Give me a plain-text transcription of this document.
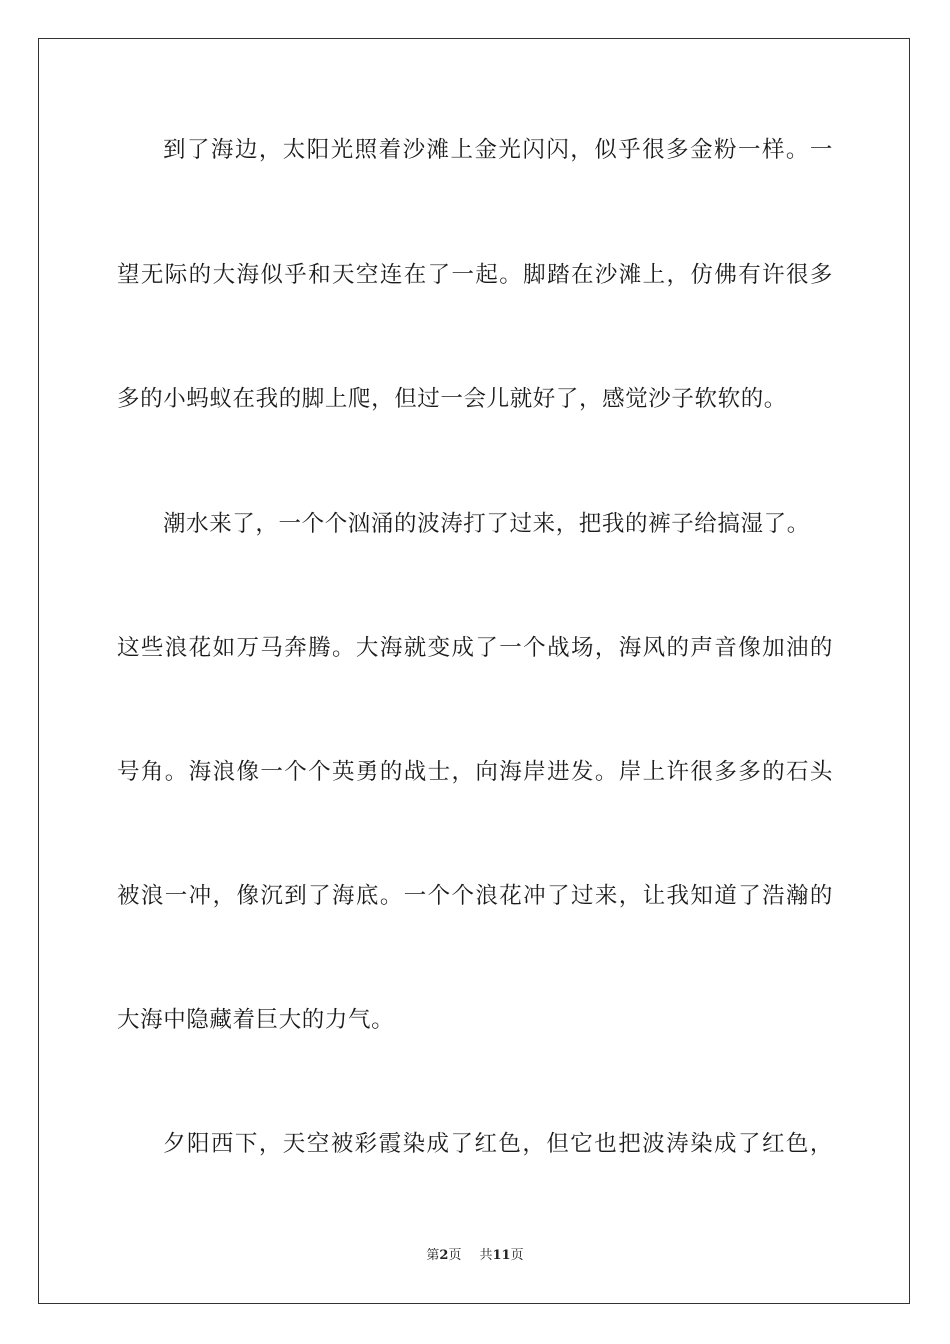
到了海边，太阳光照着沙滩上金光闪闪，似乎很多金粉一样。一
望无际的大海似乎和天空连在了一起。脚踏在沙滩上，仿佛有许很多
多的小蚂蚁在我的脚上爬，但过一会儿就好了，感觉沙子软软的。
潮水来了，一个个汹涌的波涛打了过来，把我的裤子给搞湿了。
这些浪花如万马奔腾。大海就变成了一个战场，海风的声音像加油的
号角。海浪像一个个英勇的战士，向海岸进发。岸上许很多多的石头
被浪一冲，像沉到了海底。一个个浪花冲了过来，让我知道了浩瀚的
大海中隐藏着巨大的力气。
夕阳西下，天空被彩霞染成了红色，但它也把波涛染成了红色，
第2页 共11页
